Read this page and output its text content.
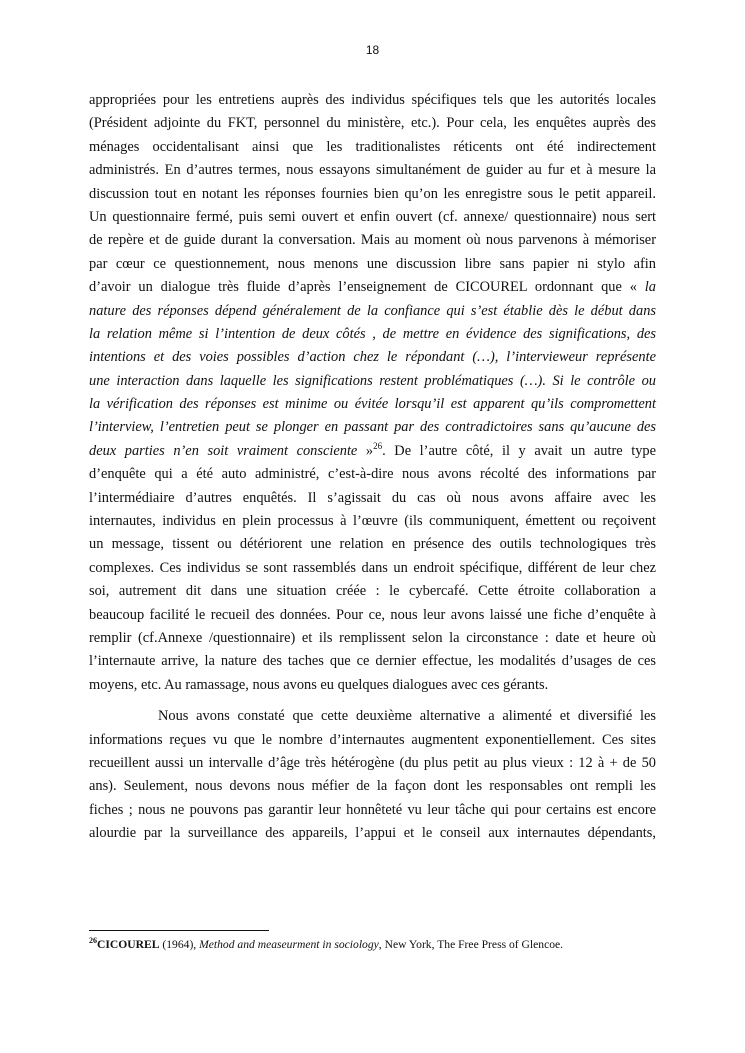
18
appropriées pour les entretiens auprès des individus spécifiques tels que les autorités locales
(Président adjointe du FKT, personnel du ministère, etc.). Pour cela, les enquêtes auprès des
ménages occidentalisant ainsi que les traditionalistes réticents ont été indirectement
administrés. En d’autres termes, nous essayons simultanément de guider au fur et à mesure la
discussion tout en notant les réponses fournies bien qu’on les enregistre sous le petit appareil.
Un questionnaire fermé, puis semi ouvert et enfin ouvert (cf. annexe/ questionnaire) nous sert
de repère et de guide durant la conversation. Mais au moment où nous parvenons à mémoriser
par cœur ce questionnement, nous menons une discussion libre sans papier ni stylo afin
d’avoir un dialogue très fluide d’après l’enseignement de CICOUREL ordonnant que « la
nature des réponses dépend généralement de la confiance qui s’est établie dès le début dans
la relation même si l’intention de deux côtés , de mettre en évidence des significations, des
intentions et des voies possibles d’action chez le répondant (…), l’intervieweur représente
une interaction dans laquelle les significations restent problématiques (…). Si le contrôle ou
la vérification des réponses est minime ou évitée lorsqu’il est apparent qu’ils compromettent
l’interview, l’entretien peut se plonger en passant par des contradictoires sans qu’aucune des
deux parties n’en soit vraiment consciente »$^{26}$. De l’autre côté, il y avait un autre type
d’enquête qui a été auto administré, c’est-à-dire nous avons récolté des informations par
l’intermédiaire d’autres enquêtés. Il s’agissait du cas où nous avons affaire avec les
internautes, individus en plein processus à l’œuvre (ils communiquent, émettent ou reçoivent
un message, tissent ou détériorent une relation en présence des outils technologiques très
complexes. Ces individus se sont rassemblés dans un endroit spécifique, différent de leur chez
soi, autrement dit dans une situation créée : le cybercafé. Cette étroite collaboration a
beaucoup facilité le recueil des données. Pour ce, nous leur avons laissé une fiche d’enquête à
remplir (cf.Annexe /questionnaire) et ils remplissent selon la circonstance : date et heure où
l’internaute arrive, la nature des taches que ce dernier effectue, les modalités d’usages de ces
moyens, etc. Au ramassage, nous avons eu quelques dialogues avec ces gérants.
Nous avons constaté que cette deuxième alternative a alimenté et diversifié les
informations reçues vu que le nombre d’internautes augmentent exponentiellement. Ces sites
recueillent aussi un intervalle d’âge très hétérogène (du plus petit au plus vieux : 12 à + de 50
ans). Seulement, nous devons nous méfier de la façon dont les responsables ont rempli les
fiches ; nous ne pouvons pas garantir leur honnêteté vu leur tâche qui pour certains est encore
alourdie par la surveillance des appareils, l’appui et le conseil aux internautes dépendants,
$^{26}$CICOUREL (1964), Method and measeurment in sociology, New York, The Free Press of Glencoe.
